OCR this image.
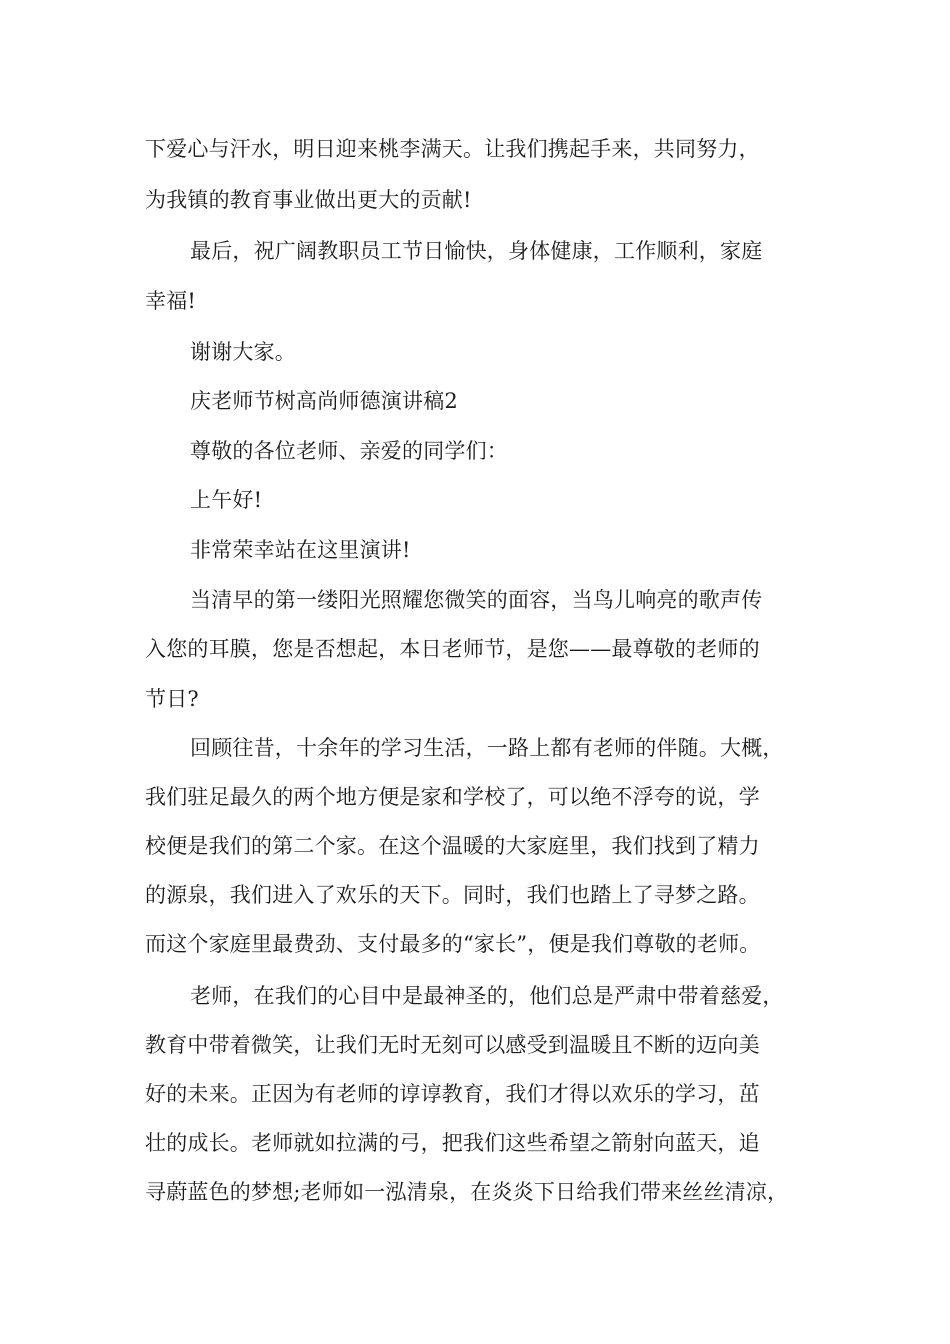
下爱心与汗水，明日迎来桃李满天。让我们携起手来，共同努力，

为我镇的教育事业做出更大的贡献!

最后，祝广阔教职员工节日愉快，身体健康，工作顺利，家庭

幸福!

谢谢大家。

庆老师节树高尚师德演讲稿2

尊敬的各位老师、亲爱的同学们：

上午好!

非常荣幸站在这里演讲!

当清早的第一缕阳光照耀您微笑的面容，当鸟儿响亮的歌声传

入您的耳膜，您是否想起，本日老师节，是您——最尊敬的老师的

节日?

回顾往昔，十余年的学习生活，一路上都有老师的伴随。大概，

我们驻足最久的两个地方便是家和学校了，可以绝不浮夸的说，学

校便是我们的第二个家。在这个温暖的大家庭里，我们找到了精力

的源泉，我们进入了欢乐的天下。同时，我们也踏上了寻梦之路。

而这个家庭里最费劲、支付最多的“家长”，便是我们尊敬的老师。

老师，在我们的心目中是最神圣的，他们总是严肃中带着慈爱，

教育中带着微笑，让我们无时无刻可以感受到温暖且不断的迈向美

好的未来。正因为有老师的谆谆教育，我们才得以欢乐的学习，茁

壮的成长。老师就如拉满的弓，把我们这些希望之箭射向蓝天，追

寻蔚蓝色的梦想;老师如一泓清泉，在炎炎下日给我们带来丝丝清凉，
